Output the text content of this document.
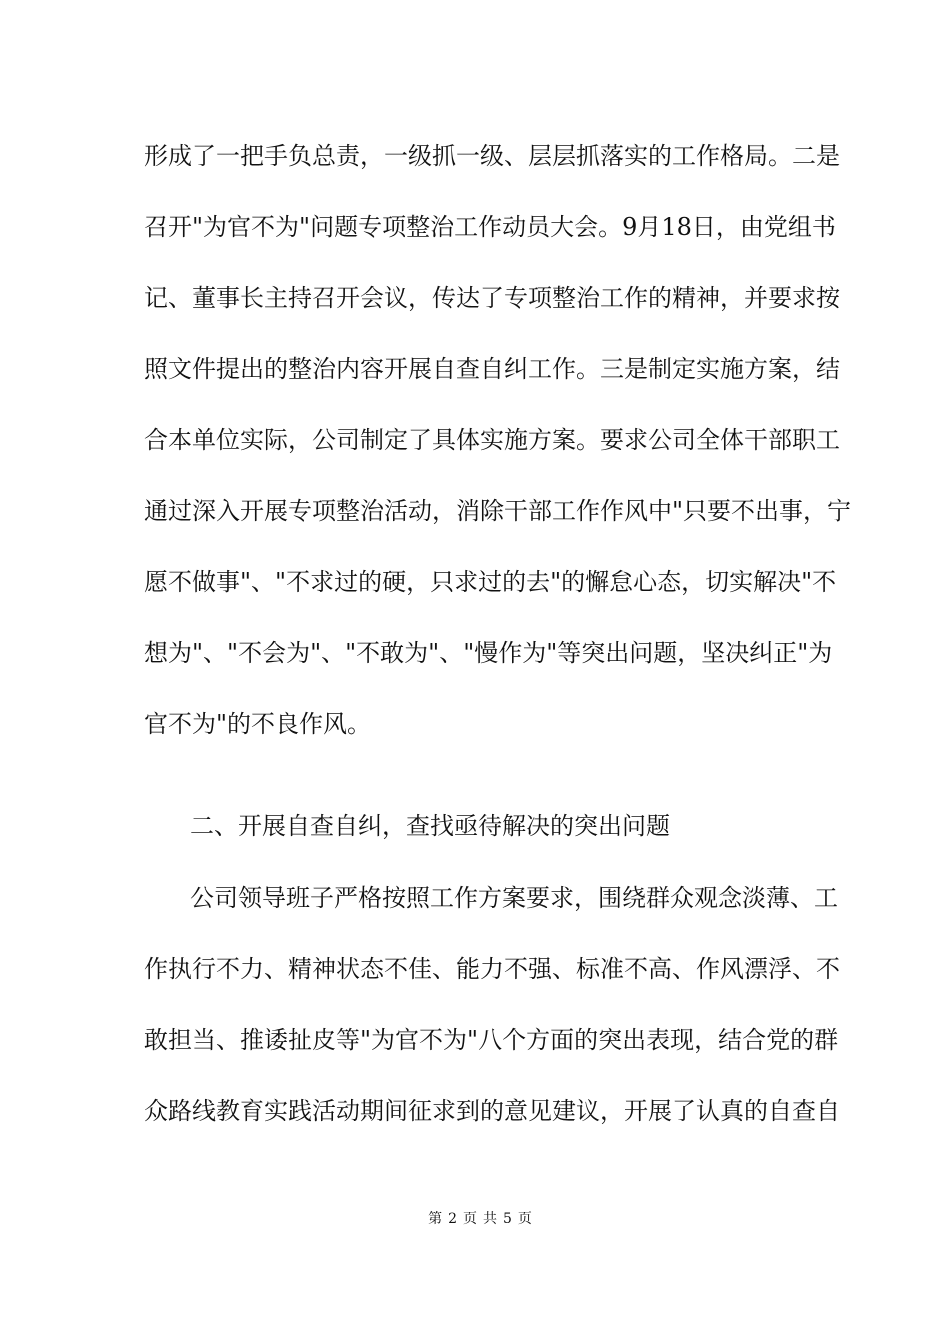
形成了一把手负总责，一级抓一级、层层抓落实的工作格局。二是
召开"为官不为"问题专项整治工作动员大会。9月18日，由党组书
记、董事长主持召开会议，传达了专项整治工作的精神，并要求按
照文件提出的整治内容开展自查自纠工作。三是制定实施方案，结
合本单位实际，公司制定了具体实施方案。要求公司全体干部职工
通过深入开展专项整治活动，消除干部工作作风中"只要不出事，宁
愿不做事"、"不求过的硬，只求过的去"的懈怠心态，切实解决"不
想为"、"不会为"、"不敢为"、"慢作为"等突出问题，坚决纠正"为
官不为"的不良作风。
二、开展自查自纠，查找亟待解决的突出问题
公司领导班子严格按照工作方案要求，围绕群众观念淡薄、工
作执行不力、精神状态不佳、能力不强、标准不高、作风漂浮、不
敢担当、推诿扯皮等"为官不为"八个方面的突出表现，结合党的群
众路线教育实践活动期间征求到的意见建议，开展了认真的自查自
第 2 页 共 5 页
